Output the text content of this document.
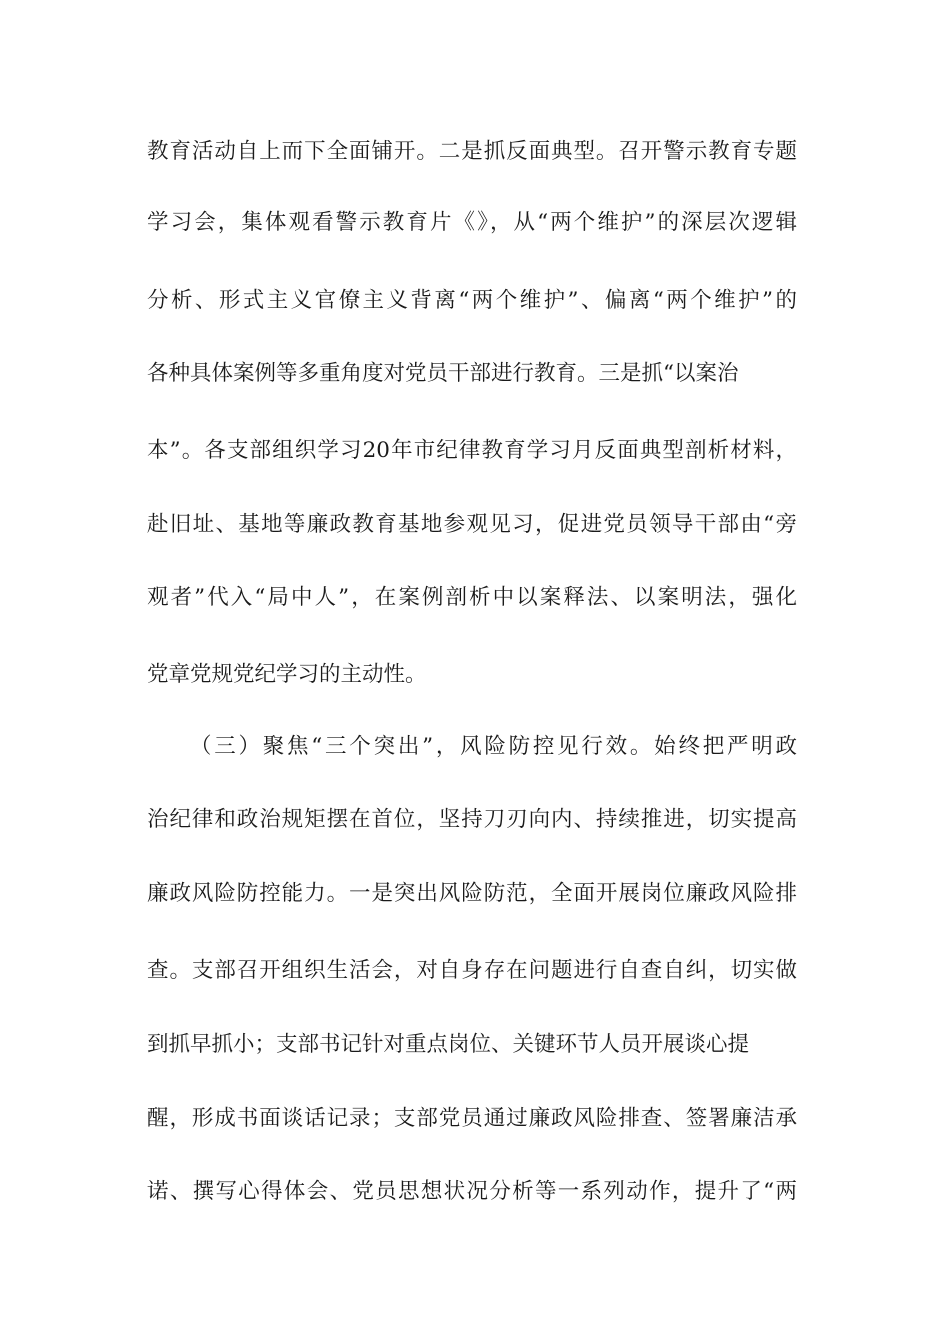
教育活动自上而下全面铺开。二是抓反面典型。召开警示教育专题
学习会，集体观看警示教育片《》，从“两个维护”的深层次逻辑
分析、形式主义官僚主义背离“两个维护”、偏离“两个维护”的
各种具体案例等多重角度对党员干部进行教育。三是抓“以案治
本”。各支部组织学习20年市纪律教育学习月反面典型剖析材料，
赴旧址、基地等廉政教育基地参观见习，促进党员领导干部由“旁
观者”代入“局中人”，在案例剖析中以案释法、以案明法，强化
党章党规党纪学习的主动性。
（三）聚焦“三个突出”，风险防控见行效。始终把严明政
治纪律和政治规矩摆在首位，坚持刀刃向内、持续推进，切实提高
廉政风险防控能力。一是突出风险防范，全面开展岗位廉政风险排
查。支部召开组织生活会，对自身存在问题进行自查自纠，切实做
到抓早抓小；支部书记针对重点岗位、关键环节人员开展谈心提
醒，形成书面谈话记录；支部党员通过廉政风险排查、签署廉洁承
诺、撰写心得体会、党员思想状况分析等一系列动作，提升了“两
